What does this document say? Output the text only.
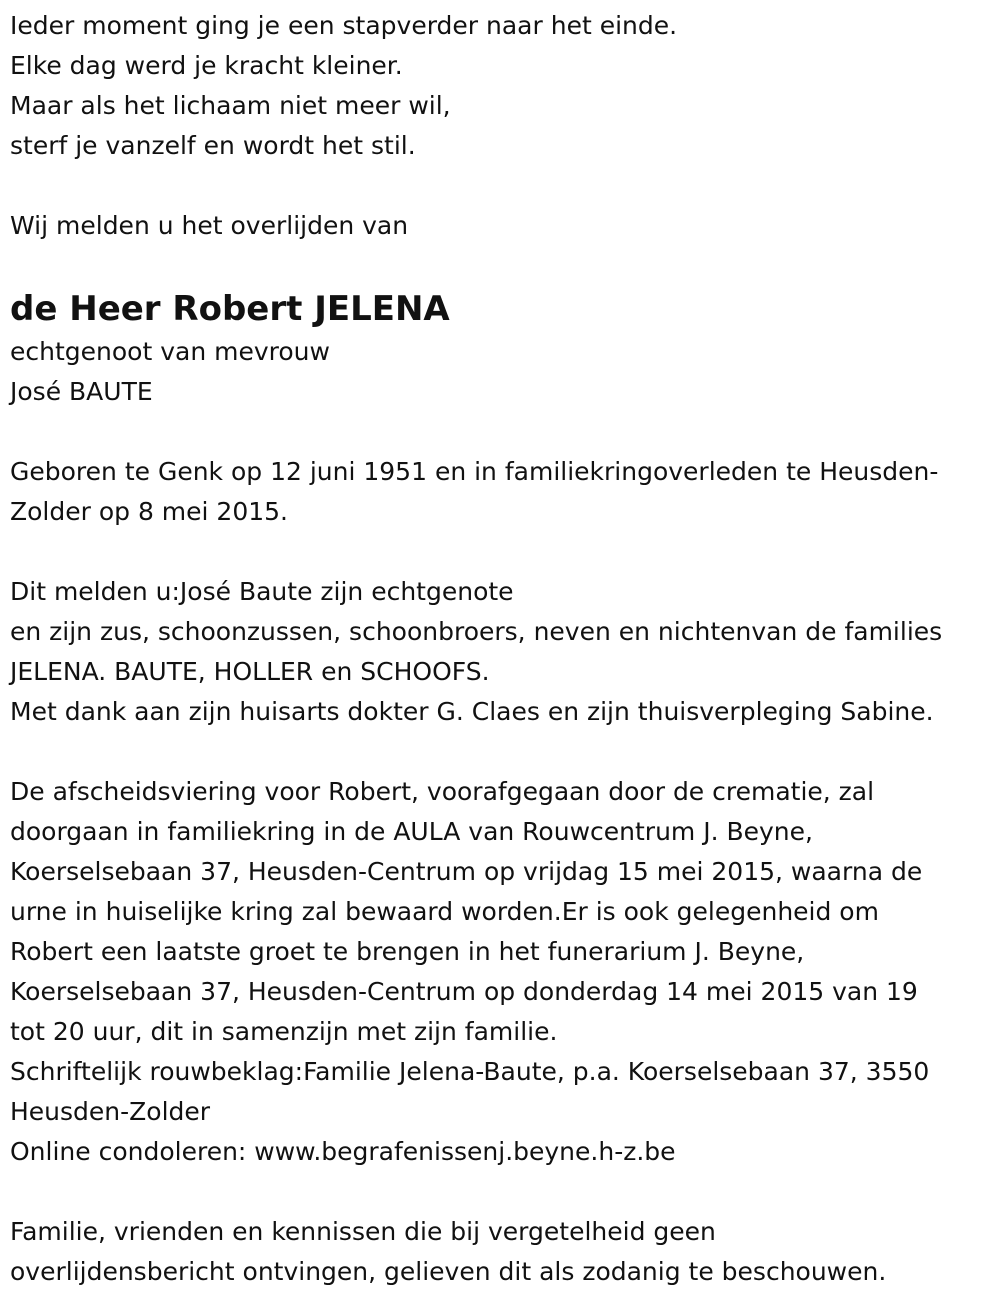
Ieder moment ging je een stapverder naar het einde.

Elke dag werd je kracht kleiner.

Maar als het lichaam niet meer wil,

sterf je vanzelf en wordt het stil.

Wij melden u het overlijden van

de Heer Robert JELENA

echtgenoot van mevrouw

José BAUTE

Geboren te Genk op 12 juni 1951 en in familiekringoverleden te Heusden-

Zolder op 8 mei 2015.

Dit melden u:José Baute zijn echtgenote

en zijn zus, schoonzussen, schoonbroers, neven en nichtenvan de families

JELENA. BAUTE, HOLLER en SCHOOFS.

Met dank aan zijn huisarts dokter G. Claes en zijn thuisverpleging Sabine.

De afscheidsviering voor Robert, voorafgegaan door de crematie, zal

doorgaan in familiekring in de AULA van Rouwcentrum J. Beyne,

Koerselsebaan 37, Heusden-Centrum op vrijdag 15 mei 2015, waarna de

urne in huiselijke kring zal bewaard worden.Er is ook gelegenheid om

Robert een laatste groet te brengen in het funerarium J. Beyne,

Koerselsebaan 37, Heusden-Centrum op donderdag 14 mei 2015 van 19

tot 20 uur, dit in samenzijn met zijn familie.

Schriftelijk rouwbeklag:Familie Jelena-Baute, p.a. Koerselsebaan 37, 3550

Heusden-Zolder

Online condoleren: www.begrafenissenj.beyne.h-z.be

Familie, vrienden en kennissen die bij vergetelheid geen

overlijdensbericht ontvingen, gelieven dit als zodanig te beschouwen.
